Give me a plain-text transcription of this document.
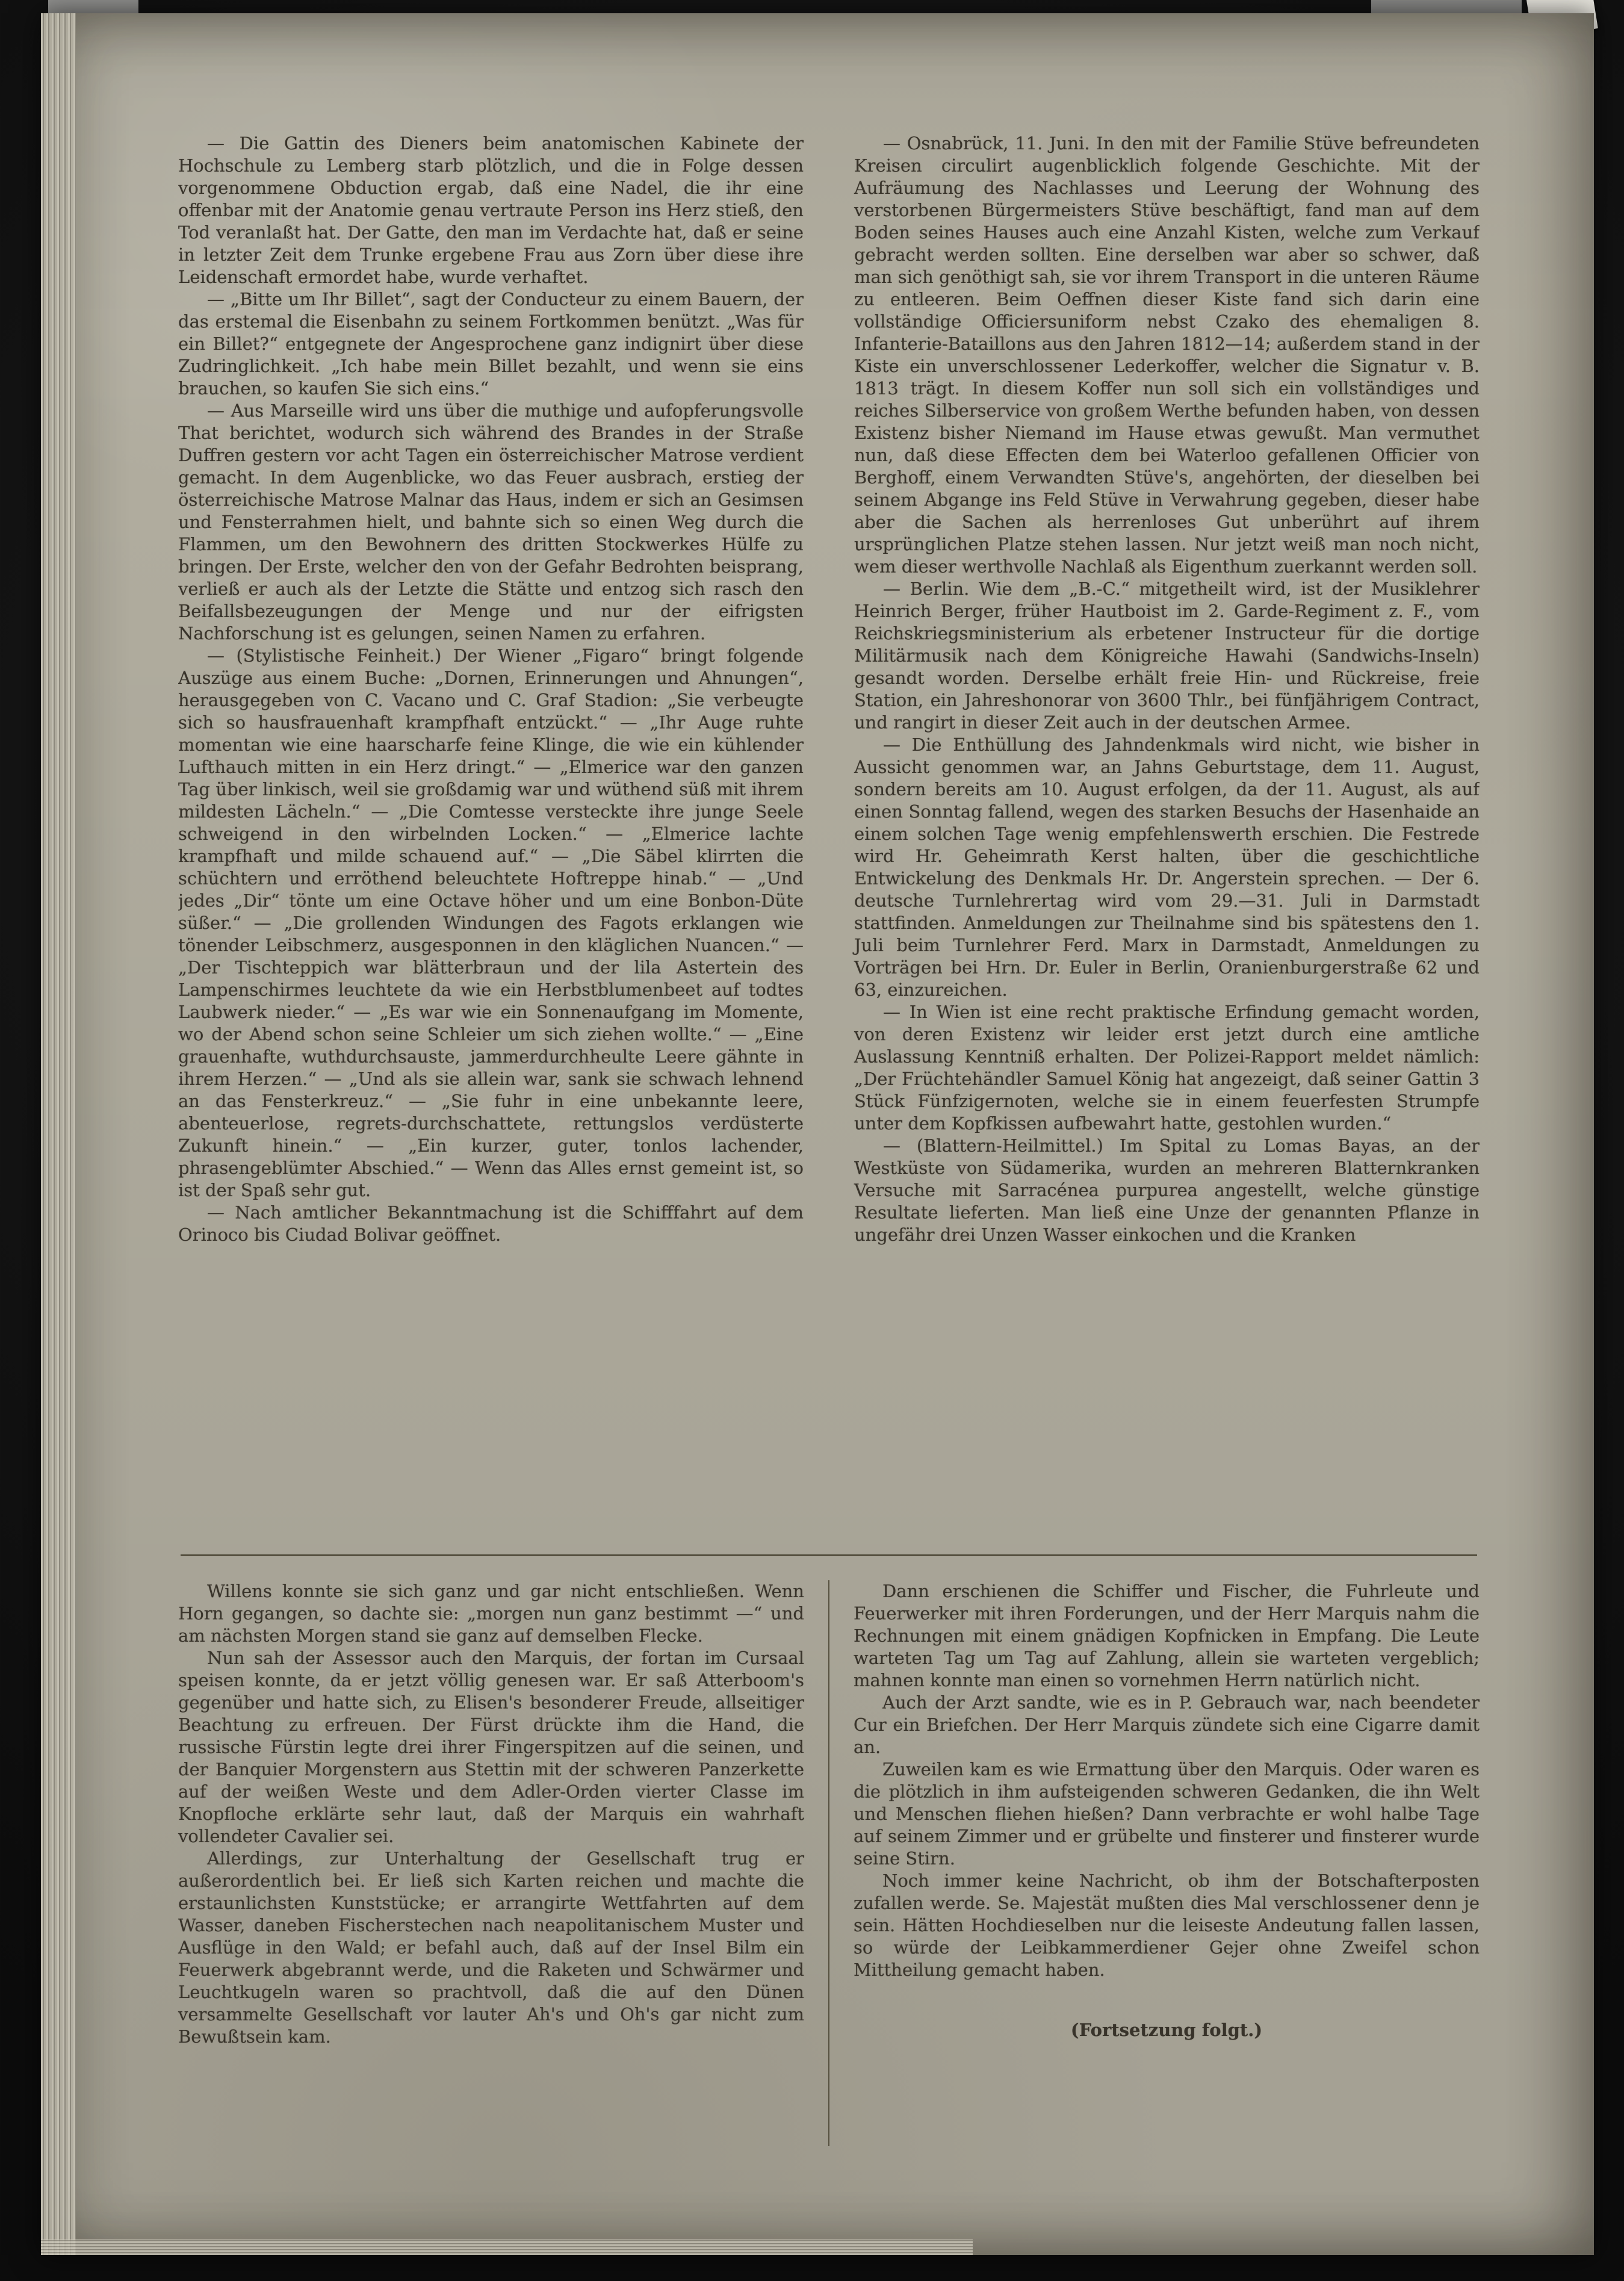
— Die Gattin des Dieners beim anatomischen Kabinete der Hochschule zu Lemberg starb plötzlich, und die in Folge dessen vorgenommene Obduction ergab, daß eine Nadel, die ihr eine offenbar mit der Anatomie genau vertraute Person ins Herz stieß, den Tod veranlaßt hat. Der Gatte, den man im Verdachte hat, daß er seine in letzter Zeit dem Trunke ergebene Frau aus Zorn über diese ihre Leidenschaft ermordet habe, wurde verhaftet.

— „Bitte um Ihr Billet“, sagt der Conducteur zu einem Bauern, der das erstemal die Eisenbahn zu seinem Fortkommen benützt. „Was für ein Billet?“ entgegnete der Angesprochene ganz indignirt über diese Zudringlichkeit. „Ich habe mein Billet bezahlt, und wenn sie eins brauchen, so kaufen Sie sich eins.“

— Aus Marseille wird uns über die muthige und aufopferungsvolle That berichtet, wodurch sich während des Brandes in der Straße Duffren gestern vor acht Tagen ein österreichischer Matrose verdient gemacht. In dem Augenblicke, wo das Feuer ausbrach, erstieg der österreichische Matrose Malnar das Haus, indem er sich an Gesimsen und Fensterrahmen hielt, und bahnte sich so einen Weg durch die Flammen, um den Bewohnern des dritten Stockwerkes Hülfe zu bringen. Der Erste, welcher den von der Gefahr Bedrohten beisprang, verließ er auch als der Letzte die Stätte und entzog sich rasch den Beifallsbezeugungen der Menge und nur der eifrigsten Nachforschung ist es gelungen, seinen Namen zu erfahren.

— (Stylistische Feinheit.) Der Wiener „Figaro“ bringt folgende Auszüge aus einem Buche: „Dornen, Erinnerungen und Ahnungen“, herausgegeben von C. Vacano und C. Graf Stadion: „Sie verbeugte sich so hausfrauenhaft krampfhaft entzückt.“ — „Ihr Auge ruhte momentan wie eine haarscharfe feine Klinge, die wie ein kühlender Lufthauch mitten in ein Herz dringt.“ — „Elmerice war den ganzen Tag über linkisch, weil sie großdamig war und wüthend süß mit ihrem mildesten Lächeln.“ — „Die Comtesse versteckte ihre junge Seele schweigend in den wirbelnden Locken.“ — „Elmerice lachte krampfhaft und milde schauend auf.“ — „Die Säbel klirrten die schüchtern und erröthend beleuchtete Hoftreppe hinab.“ — „Und jedes „Dir“ tönte um eine Octave höher und um eine Bonbon-Düte süßer.“ — „Die grollenden Windungen des Fagots erklangen wie tönender Leibschmerz, ausgesponnen in den kläglichen Nuancen.“ — „Der Tischteppich war blätterbraun und der lila Astertein des Lampenschirmes leuchtete da wie ein Herbstblumenbeet auf todtes Laubwerk nieder.“ — „Es war wie ein Sonnenaufgang im Momente, wo der Abend schon seine Schleier um sich ziehen wollte.“ — „Eine grauenhafte, wuthdurchsauste, jammerdurchheulte Leere gähnte in ihrem Herzen.“ — „Und als sie allein war, sank sie schwach lehnend an das Fensterkreuz.“ — „Sie fuhr in eine unbekannte leere, abenteuerlose, regrets-durchschattete, rettungslos verdüsterte Zukunft hinein.“ — „Ein kurzer, guter, tonlos lachender, phrasengeblümter Abschied.“ — Wenn das Alles ernst gemeint ist, so ist der Spaß sehr gut.

— Nach amtlicher Bekanntmachung ist die Schifffahrt auf dem Orinoco bis Ciudad Bolivar geöffnet.

— Osnabrück, 11. Juni. In den mit der Familie Stüve befreundeten Kreisen circulirt augenblicklich folgende Geschichte. Mit der Aufräumung des Nachlasses und Leerung der Wohnung des verstorbenen Bürgermeisters Stüve beschäftigt, fand man auf dem Boden seines Hauses auch eine Anzahl Kisten, welche zum Verkauf gebracht werden sollten. Eine derselben war aber so schwer, daß man sich genöthigt sah, sie vor ihrem Transport in die unteren Räume zu entleeren. Beim Oeffnen dieser Kiste fand sich darin eine vollständige Officiersuniform nebst Czako des ehemaligen 8. Infanterie-Bataillons aus den Jahren 1812—14; außerdem stand in der Kiste ein unverschlossener Lederkoffer, welcher die Signatur v. B. 1813 trägt. In diesem Koffer nun soll sich ein vollständiges und reiches Silberservice von großem Werthe befunden haben, von dessen Existenz bisher Niemand im Hause etwas gewußt. Man vermuthet nun, daß diese Effecten dem bei Waterloo gefallenen Officier von Berghoff, einem Verwandten Stüve's, angehörten, der dieselben bei seinem Abgange ins Feld Stüve in Verwahrung gegeben, dieser habe aber die Sachen als herrenloses Gut unberührt auf ihrem ursprünglichen Platze stehen lassen. Nur jetzt weiß man noch nicht, wem dieser werthvolle Nachlaß als Eigenthum zuerkannt werden soll.

— Berlin. Wie dem „B.-C.“ mitgetheilt wird, ist der Musiklehrer Heinrich Berger, früher Hautboist im 2. Garde-Regiment z. F., vom Reichskriegsministerium als erbetener Instructeur für die dortige Militärmusik nach dem Königreiche Hawahi (Sandwichs-Inseln) gesandt worden. Derselbe erhält freie Hin- und Rückreise, freie Station, ein Jahreshonorar von 3600 Thlr., bei fünfjährigem Contract, und rangirt in dieser Zeit auch in der deutschen Armee.

— Die Enthüllung des Jahndenkmals wird nicht, wie bisher in Aussicht genommen war, an Jahns Geburtstage, dem 11. August, sondern bereits am 10. August erfolgen, da der 11. August, als auf einen Sonntag fallend, wegen des starken Besuchs der Hasenhaide an einem solchen Tage wenig empfehlenswerth erschien. Die Festrede wird Hr. Geheimrath Kerst halten, über die geschichtliche Entwickelung des Denkmals Hr. Dr. Angerstein sprechen. — Der 6. deutsche Turnlehrertag wird vom 29.—31. Juli in Darmstadt stattfinden. Anmeldungen zur Theilnahme sind bis spätestens den 1. Juli beim Turnlehrer Ferd. Marx in Darmstadt, Anmeldungen zu Vorträgen bei Hrn. Dr. Euler in Berlin, Oranienburgerstraße 62 und 63, einzureichen.

— In Wien ist eine recht praktische Erfindung gemacht worden, von deren Existenz wir leider erst jetzt durch eine amtliche Auslassung Kenntniß erhalten. Der Polizei-Rapport meldet nämlich: „Der Früchtehändler Samuel König hat angezeigt, daß seiner Gattin 3 Stück Fünfzigernoten, welche sie in einem feuerfesten Strumpfe unter dem Kopfkissen aufbewahrt hatte, gestohlen wurden.“

— (Blattern-Heilmittel.) Im Spital zu Lomas Bayas, an der Westküste von Südamerika, wurden an mehreren Blatternkranken Versuche mit Sarracénea purpurea angestellt, welche günstige Resultate lieferten. Man ließ eine Unze der genannten Pflanze in ungefähr drei Unzen Wasser einkochen und die Kranken

Willens konnte sie sich ganz und gar nicht entschließen. Wenn Horn gegangen, so dachte sie: „morgen nun ganz bestimmt —“ und am nächsten Morgen stand sie ganz auf demselben Flecke.

Nun sah der Assessor auch den Marquis, der fortan im Cursaal speisen konnte, da er jetzt völlig genesen war. Er saß Atterboom's gegenüber und hatte sich, zu Elisen's besonderer Freude, allseitiger Beachtung zu erfreuen. Der Fürst drückte ihm die Hand, die russische Fürstin legte drei ihrer Fingerspitzen auf die seinen, und der Banquier Morgenstern aus Stettin mit der schweren Panzerkette auf der weißen Weste und dem Adler-Orden vierter Classe im Knopfloche erklärte sehr laut, daß der Marquis ein wahrhaft vollendeter Cavalier sei.

Allerdings, zur Unterhaltung der Gesellschaft trug er außerordentlich bei. Er ließ sich Karten reichen und machte die erstaunlichsten Kunststücke; er arrangirte Wettfahrten auf dem Wasser, daneben Fischerstechen nach neapolitanischem Muster und Ausflüge in den Wald; er befahl auch, daß auf der Insel Bilm ein Feuerwerk abgebrannt werde, und die Raketen und Schwärmer und Leuchtkugeln waren so prachtvoll, daß die auf den Dünen versammelte Gesellschaft vor lauter Ah's und Oh's gar nicht zum Bewußtsein kam.

Dann erschienen die Schiffer und Fischer, die Fuhrleute und Feuerwerker mit ihren Forderungen, und der Herr Marquis nahm die Rechnungen mit einem gnädigen Kopfnicken in Empfang. Die Leute warteten Tag um Tag auf Zahlung, allein sie warteten vergeblich; mahnen konnte man einen so vornehmen Herrn natürlich nicht.

Auch der Arzt sandte, wie es in P. Gebrauch war, nach beendeter Cur ein Briefchen. Der Herr Marquis zündete sich eine Cigarre damit an.

Zuweilen kam es wie Ermattung über den Marquis. Oder waren es die plötzlich in ihm aufsteigenden schweren Gedanken, die ihn Welt und Menschen fliehen hießen? Dann verbrachte er wohl halbe Tage auf seinem Zimmer und er grübelte und finsterer und finsterer wurde seine Stirn.

Noch immer keine Nachricht, ob ihm der Botschafterposten zufallen werde. Se. Majestät mußten dies Mal verschlossener denn je sein. Hätten Hochdieselben nur die leiseste Andeutung fallen lassen, so würde der Leibkammerdiener Gejer ohne Zweifel schon Mittheilung gemacht haben.

(Fortsetzung folgt.)
